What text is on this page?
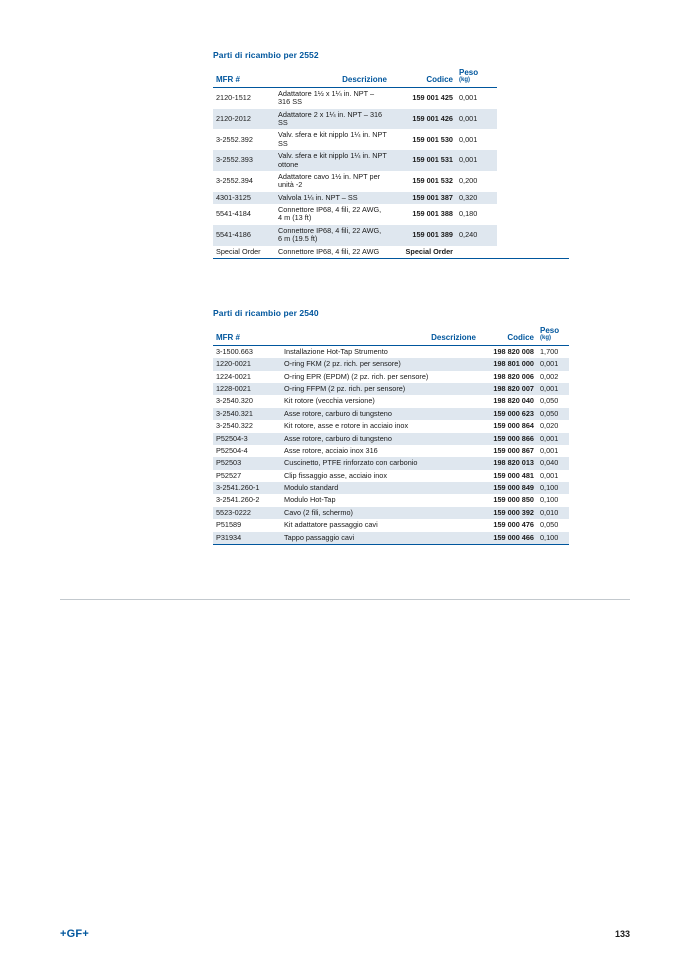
Parti di ricambio per 2552
MFR #	Descrizione	Codice	Peso
(kg)

2120-1512	Adattatore 1½ x 1¼ in. NPT – 316 SS	159 001 425	0,001
2120-2012	Adattatore 2 x 1¼ in. NPT – 316 SS	159 001 426	0,001
3-2552.392	Valv. sfera e kit nipplo 1¼ in. NPT SS	159 001 530	0,001
3-2552.393	Valv. sfera e kit nipplo 1¼ in. NPT ottone	159 001 531	0,001
3-2552.394	Adattatore cavo 1½ in. NPT per unità -2	159 001 532	0,200
4301-3125	Valvola 1¼ in. NPT – SS	159 001 387	0,320
5541-4184	Connettore IP68, 4 fili, 22 AWG, 4 m (13 ft)	159 001 388	0,180
5541-4186	Connettore IP68, 4 fili, 22 AWG, 6 m (19.5 ft)	159 001 389	0,240
Special Order	Connettore IP68, 4 fili, 22 AWG	Special Order	
Parti di ricambio per 2540
MFR #	Descrizione	Codice	Peso
(kg)

3-1500.663	Installazione Hot-Tap Strumento	198 820 008	1,700
1220-0021	O-ring FKM (2 pz. rich. per sensore)	198 801 000	0,001
1224-0021	O-ring EPR (EPDM) (2 pz. rich. per sensore)	198 820 006	0,002
1228-0021	O-ring FFPM (2 pz. rich. per sensore)	198 820 007	0,001
3-2540.320	Kit rotore (vecchia versione)	198 820 040	0,050
3-2540.321	Asse rotore, carburo di tungsteno	159 000 623	0,050
3-2540.322	Kit rotore, asse e rotore in acciaio inox	159 000 864	0,020
P52504-3	Asse rotore, carburo di tungsteno	159 000 866	0,001
P52504-4	Asse rotore, acciaio inox 316	159 000 867	0,001
P52503	Cuscinetto, PTFE rinforzato con carbonio	198 820 013	0,040
P52527	Clip fissaggio asse, acciaio inox	159 000 481	0,001
3-2541.260-1	Modulo standard	159 000 849	0,100
3-2541.260-2	Modulo Hot-Tap	159 000 850	0,100
5523-0222	Cavo (2 fili, schermo)	159 000 392	0,010
P51589	Kit adattatore passaggio cavi	159 000 476	0,050
P31934	Tappo passaggio cavi	159 000 466	0,100
+GF+	133
